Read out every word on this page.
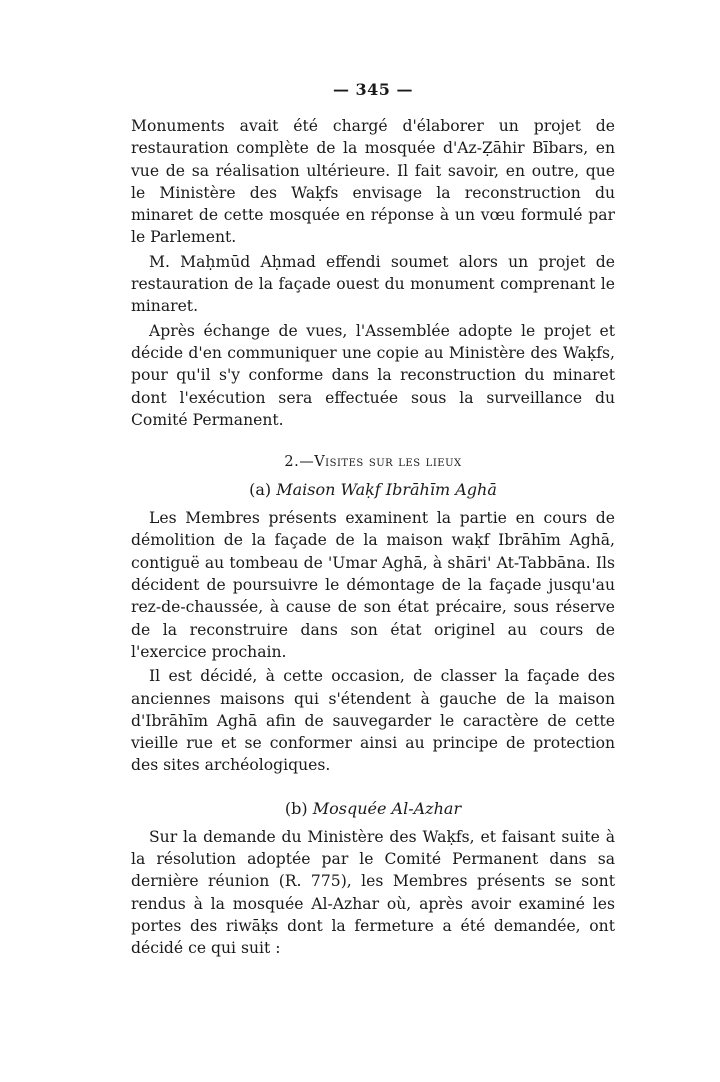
— 345 —

Monuments avait été chargé d'élaborer un projet de restauration complète de la mosquée d'Az-Ẓāhir Bībars, en vue de sa réalisation ultérieure. Il fait savoir, en outre, que le Ministère des Waḳfs envisage la reconstruction du minaret de cette mosquée en réponse à un vœu formulé par le Parlement.

M. Maḥmūd Aḥmad effendi soumet alors un projet de restauration de la façade ouest du monument comprenant le minaret.

Après échange de vues, l'Assemblée adopte le projet et décide d'en communiquer une copie au Ministère des Waḳfs, pour qu'il s'y conforme dans la reconstruction du minaret dont l'exécution sera effectuée sous la surveillance du Comité Permanent.

2.—Visites sur les lieux
(a) Maison Waḳf Ibrāhīm Aghā

Les Membres présents examinent la partie en cours de démolition de la façade de la maison waḳf Ibrāhīm Aghā, contiguë au tombeau de 'Umar Aghā, à shāri' At-Tabbāna. Ils décident de poursuivre le démontage de la façade jusqu'au rez-de-chaussée, à cause de son état précaire, sous réserve de la reconstruire dans son état originel au cours de l'exercice prochain.

Il est décidé, à cette occasion, de classer la façade des anciennes maisons qui s'étendent à gauche de la maison d'Ibrāhīm Aghā afin de sauvegarder le caractère de cette vieille rue et se conformer ainsi au principe de protection des sites archéologiques.

(b) Mosquée Al-Azhar

Sur la demande du Ministère des Waḳfs, et faisant suite à la résolution adoptée par le Comité Permanent dans sa dernière réunion (R. 775), les Membres présents se sont rendus à la mosquée Al-Azhar où, après avoir examiné les portes des riwāḳs dont la fermeture a été demandée, ont décidé ce qui suit :
